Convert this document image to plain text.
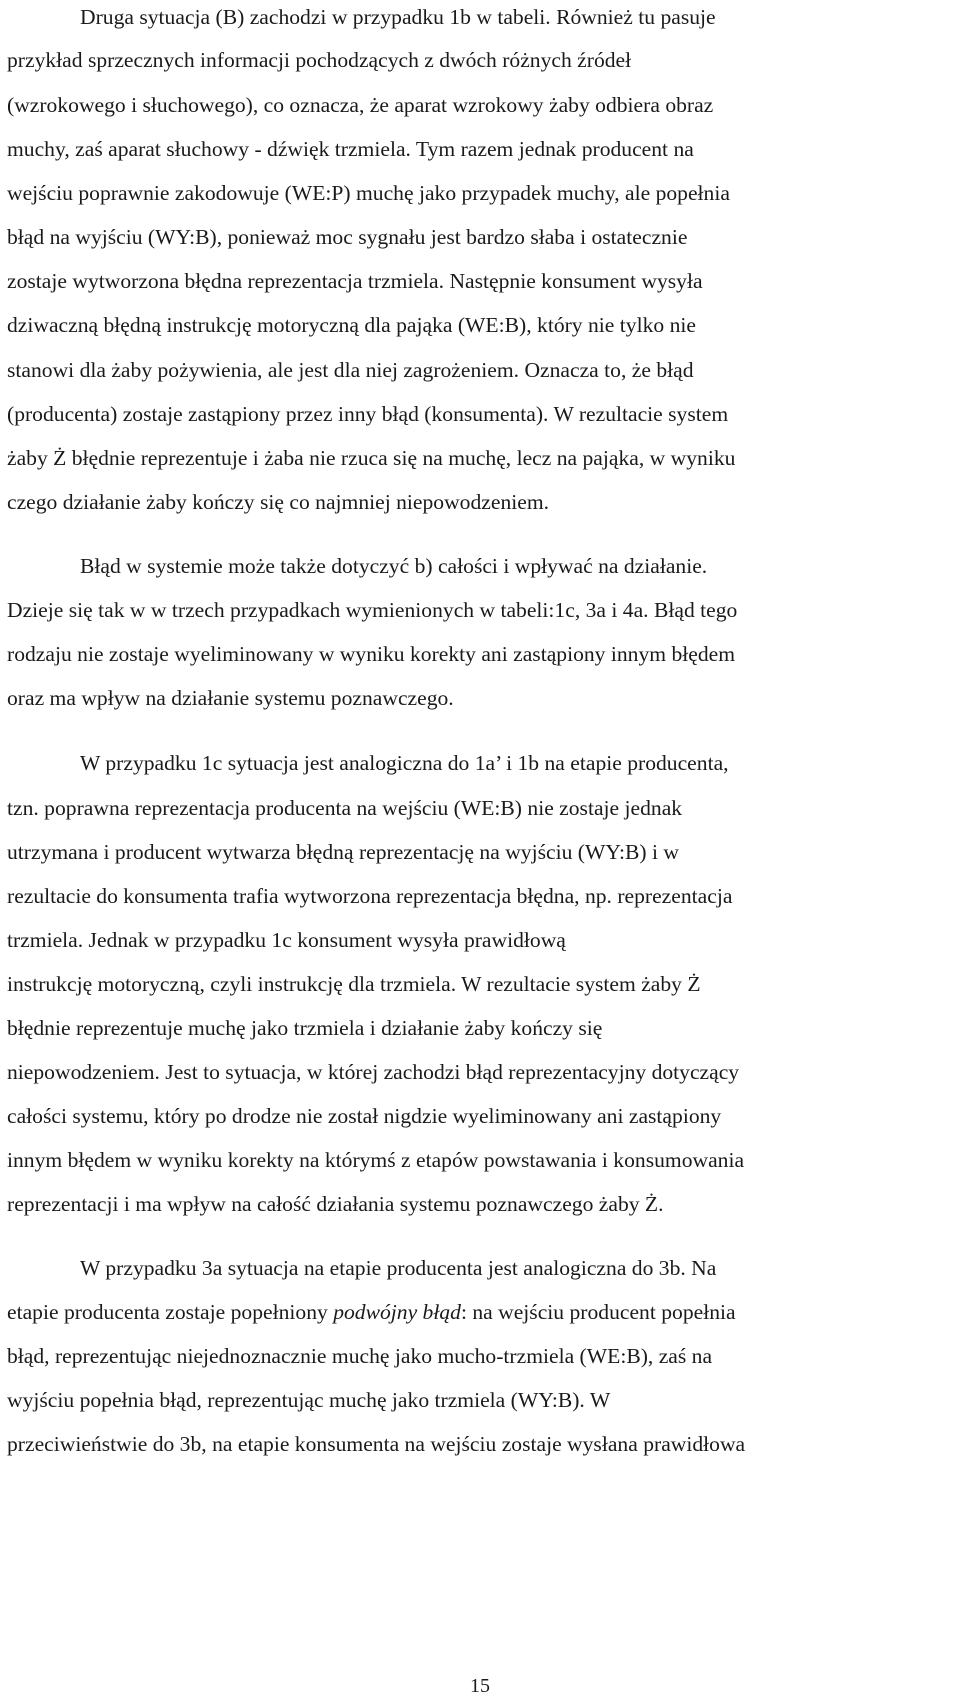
Druga sytuacja (B) zachodzi w przypadku 1b w tabeli. Również tu pasuje
przykład sprzecznych informacji pochodzących z dwóch różnych źródeł
(wzrokowego i słuchowego), co oznacza, że aparat wzrokowy żaby odbiera obraz
muchy, zaś aparat słuchowy - dźwięk trzmiela. Tym razem jednak producent na
wejściu poprawnie zakodowuje (WE:P) muchę jako przypadek muchy, ale popełnia
błąd na wyjściu (WY:B), ponieważ moc sygnału jest bardzo słaba i ostatecznie
zostaje wytworzona błędna reprezentacja trzmiela. Następnie konsument wysyła
dziwaczną błędną instrukcję motoryczną dla pająka (WE:B), który nie tylko nie
stanowi dla żaby pożywienia, ale jest dla niej zagrożeniem. Oznacza to, że błąd
(producenta) zostaje zastąpiony przez inny błąd (konsumenta). W rezultacie system
żaby Ż błędnie reprezentuje i żaba nie rzuca się na muchę, lecz na pająka, w wyniku
czego działanie żaby kończy się co najmniej niepowodzeniem.
Błąd w systemie może także dotyczyć b) całości i wpływać na działanie.
Dzieje się tak w w trzech przypadkach wymienionych w tabeli:1c, 3a i 4a. Błąd tego
rodzaju nie zostaje wyeliminowany w wyniku korekty ani zastąpiony innym błędem
oraz ma wpływ na działanie systemu poznawczego.
W przypadku 1c sytuacja jest analogiczna do 1a’ i 1b na etapie producenta,
tzn. poprawna reprezentacja producenta na wejściu (WE:B) nie zostaje jednak
utrzymana i producent wytwarza błędną reprezentację na wyjściu (WY:B) i w
rezultacie do konsumenta trafia wytworzona reprezentacja błędna, np. reprezentacja
trzmiela. Jednak w przypadku 1c konsument wysyła prawidłową
instrukcję motoryczną, czyli instrukcję dla trzmiela. W rezultacie system żaby Ż
błędnie reprezentuje muchę jako trzmiela i działanie żaby kończy się
niepowodzeniem. Jest to sytuacja, w której zachodzi błąd reprezentacyjny dotyczący
całości systemu, który po drodze nie został nigdzie wyeliminowany ani zastąpiony
innym błędem w wyniku korekty na którymś z etapów powstawania i konsumowania
reprezentacji i ma wpływ na całość działania systemu poznawczego żaby Ż.
W przypadku 3a sytuacja na etapie producenta jest analogiczna do 3b. Na
etapie producenta zostaje popełniony podwójny błąd: na wejściu producent popełnia
błąd, reprezentując niejednoznacznie muchę jako mucho-trzmiela (WE:B), zaś na
wyjściu popełnia błąd, reprezentując muchę jako trzmiela (WY:B). W
przeciwieństwie do 3b, na etapie konsumenta na wejściu zostaje wysłana prawidłowa
15
